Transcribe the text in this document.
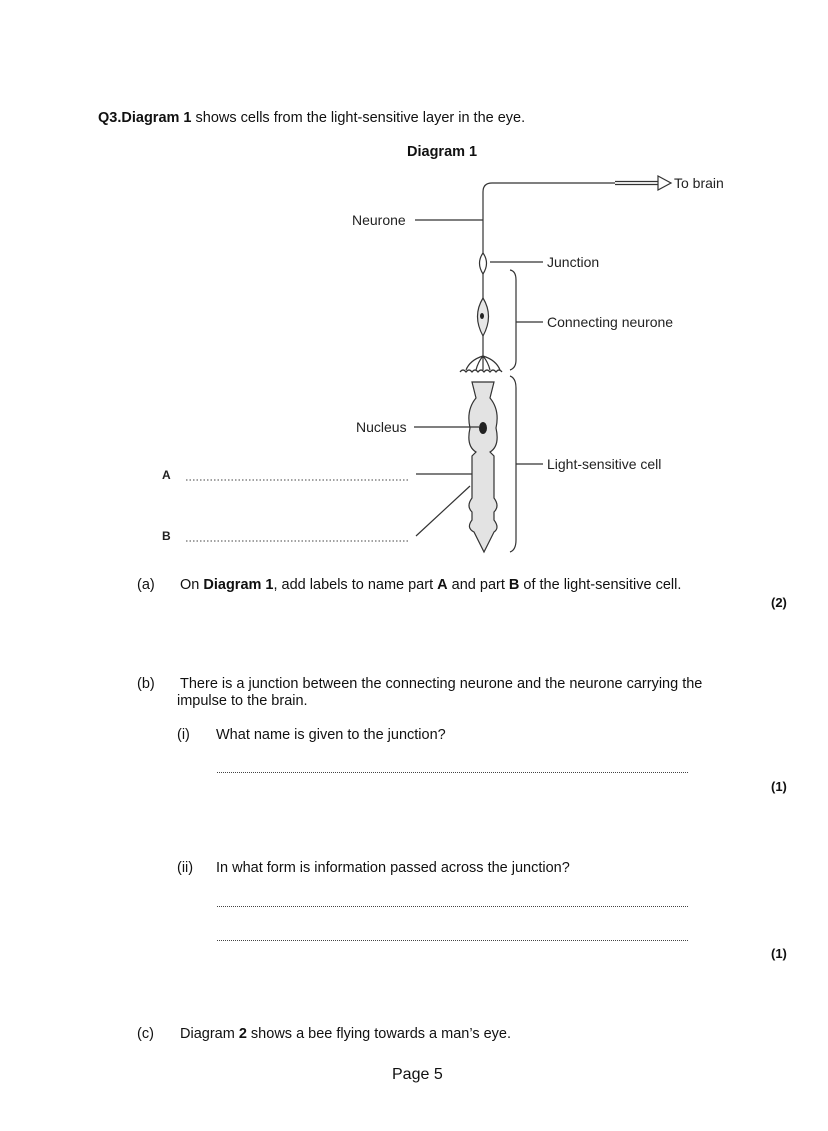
Q3.Diagram 1 shows cells from the light-sensitive layer in the eye.
Diagram 1
To brain
Neurone
Junction
Connecting neurone
Nucleus
Light-sensitive cell
A
B
(a) On Diagram 1, add labels to name part A and part B of the light-sensitive cell.
(2)
(b) There is a junction between the connecting neurone and the neurone carrying the
impulse to the brain.
(i) What name is given to the junction?
(1)
(ii) In what form is information passed across the junction?
(1)
(c) Diagram 2 shows a bee flying towards a man’s eye.
Page 5
